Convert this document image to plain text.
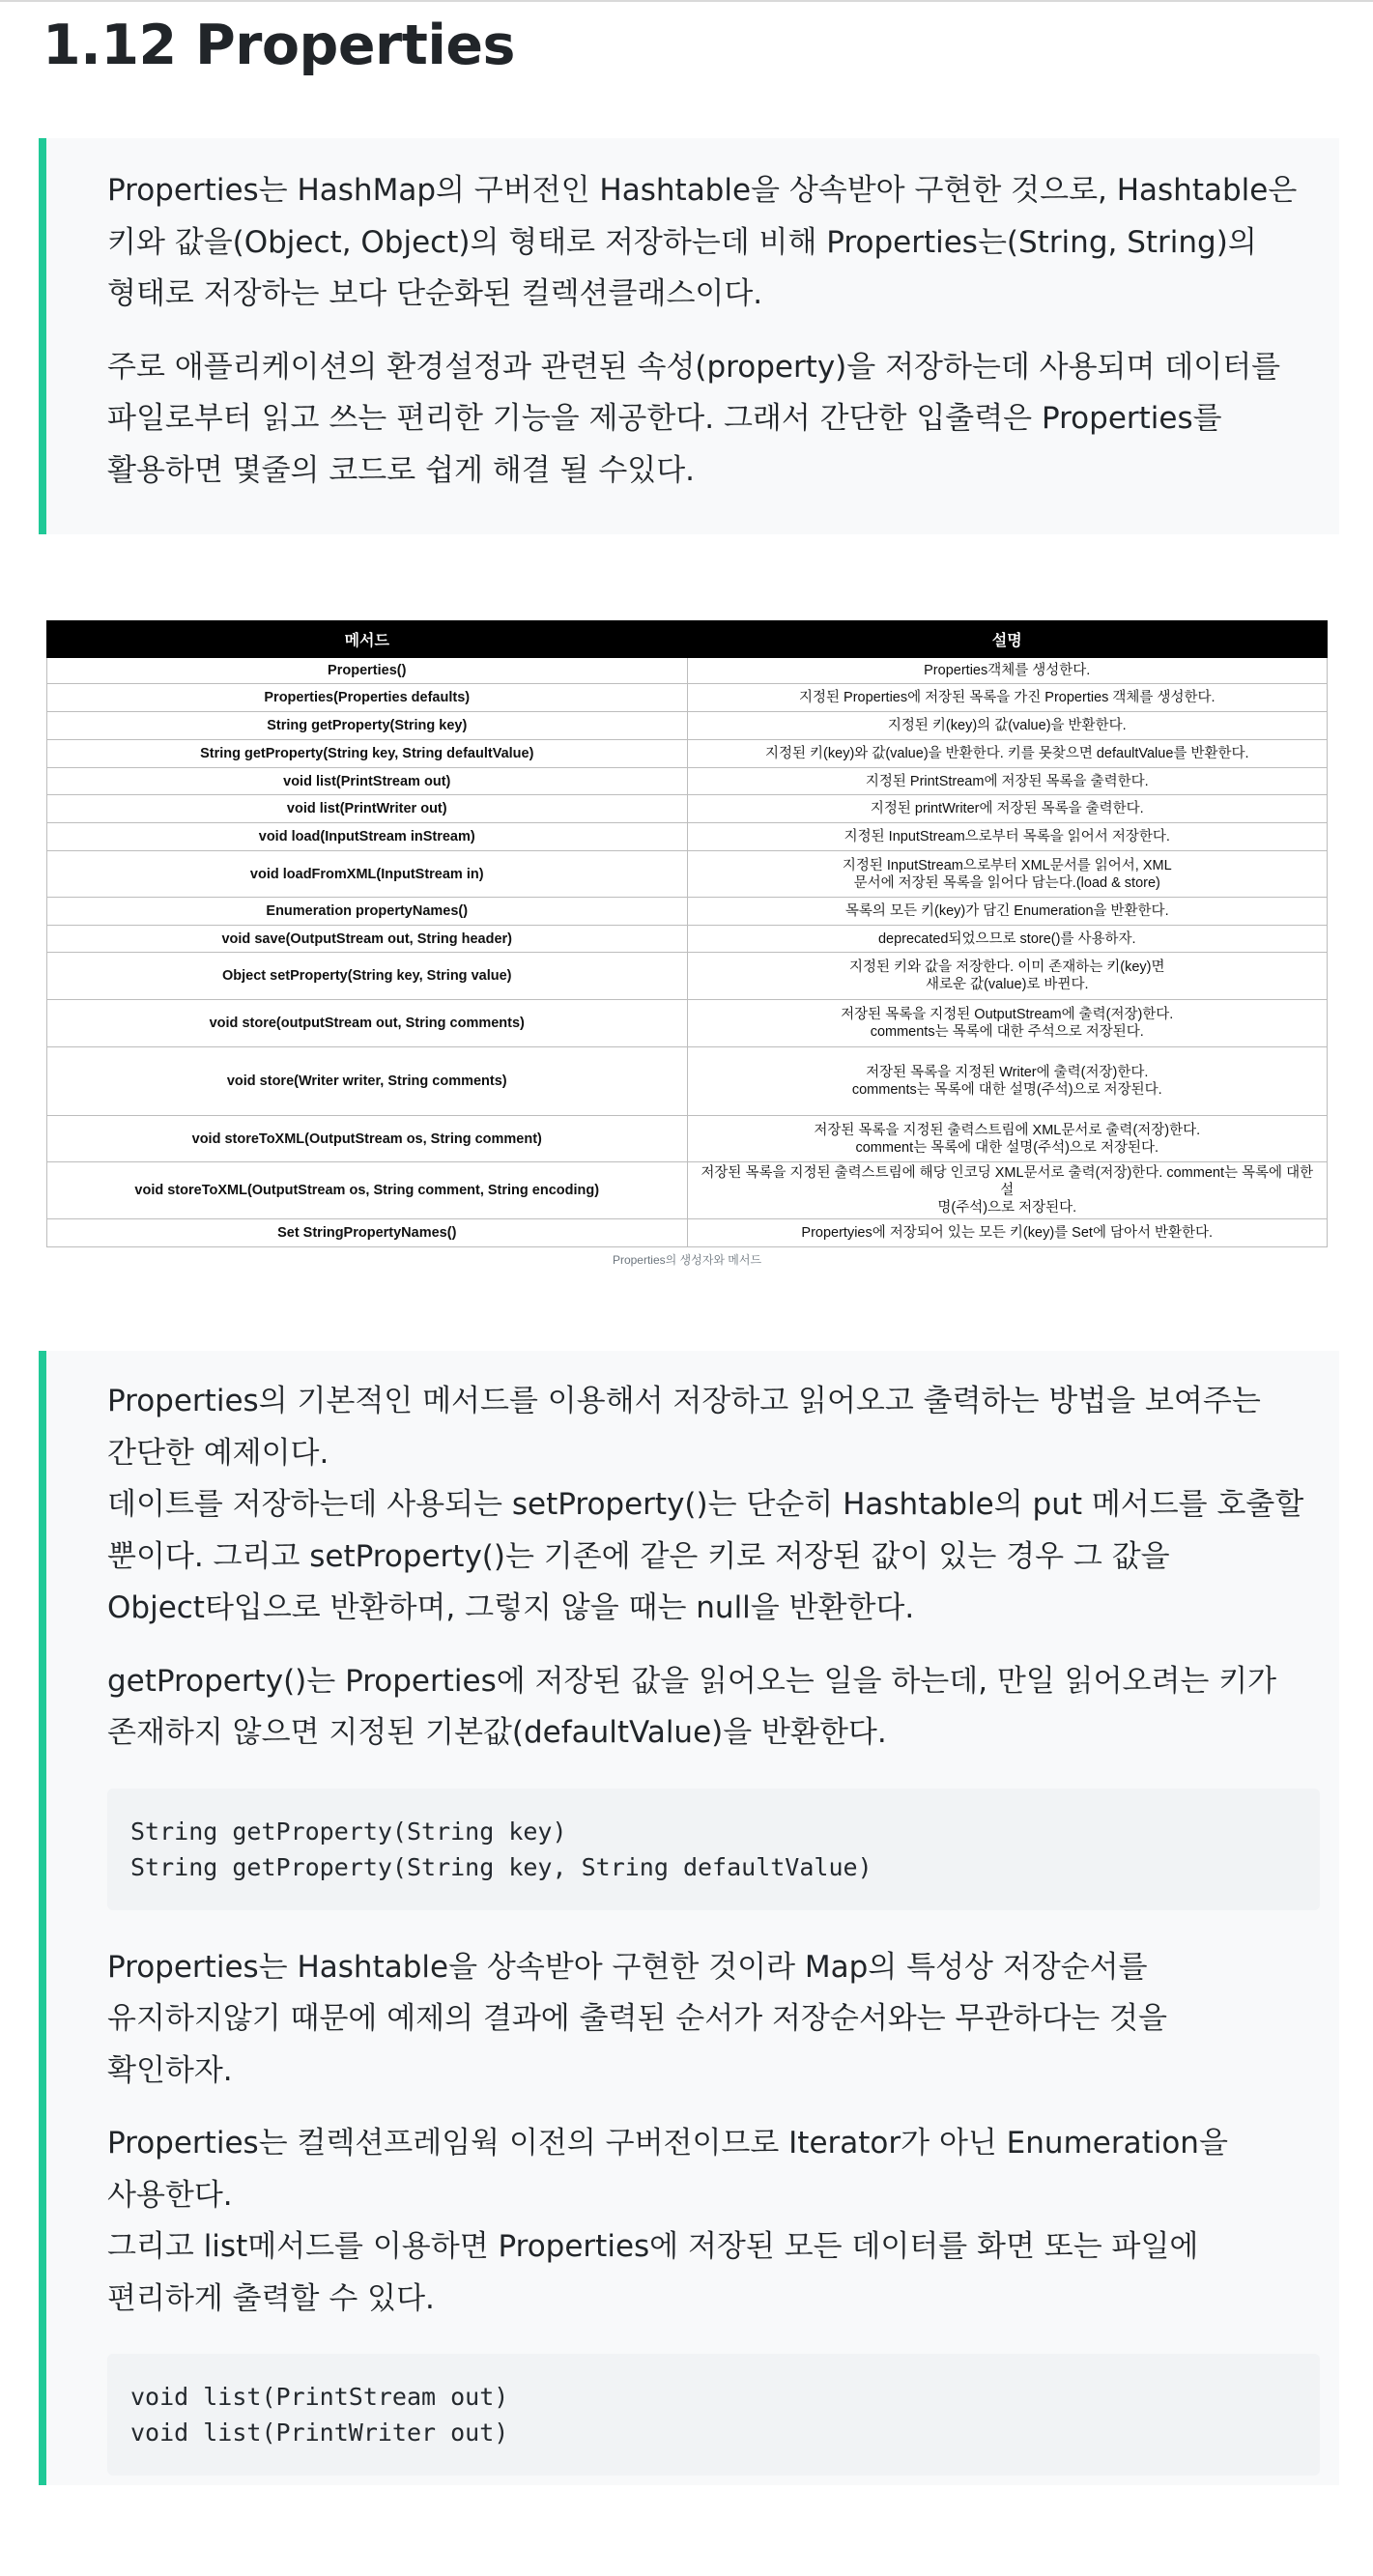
1.12 Properties

Properties는 HashMap의 구버전인 Hashtable을 상속받아 구현한 것으로, Hashtable은

키와 값을(Object, Object)의 형태로 저장하는데 비해 Properties는(String, String)의

형태로 저장하는 보다 단순화된 컬렉션클래스이다.

주로 애플리케이션의 환경설정과 관련된 속성(property)을 저장하는데 사용되며 데이터를

파일로부터 읽고 쓰는 편리한 기능을 제공한다. 그래서 간단한 입출력은 Properties를

활용하면 몇줄의 코드로 쉽게 해결 될 수있다.

메서드	설명
Properties()	Properties객체를 생성한다.

Properties(Properties defaults)	지정된 Properties에 저장된 목록을 가진 Properties 객체를 생성한다.

String getProperty(String key)	지정된 키(key)의 값(value)을 반환한다.

String getProperty(String key, String defaultValue)	지정된 키(key)와 값(value)을 반환한다. 키를 못찾으면 defaultValue를 반환한다.

void list(PrintStream out)	지정된 PrintStream에 저장된 목록을 출력한다.

void list(PrintWriter out)	지정된 printWriter에 저장된 목록을 출력한다.

void load(InputStream inStream)	지정된 InputStream으로부터 목록을 읽어서 저장한다.

void loadFromXML(InputStream in)	지정된 InputStream으로부터 XML문서를 읽어서, XML
문서에 저장된 목록을 읽어다 담는다.(load & store)

Enumeration propertyNames()	목록의 모든 키(key)가 담긴 Enumeration을 반환한다.

void save(OutputStream out, String header)	deprecated되었으므로 store()를 사용하자.

Object setProperty(String key, String value)	지정된 키와 값을 저장한다. 이미 존재하는 키(key)면
새로운 값(value)로 바뀐다.

void store(outputStream out, String comments)	저장된 목록을 지정된 OutputStream에 출력(저장)한다.
comments는 목록에 대한 주석으로 저장된다.

void store(Writer writer, String comments)	저장된 목록을 지정된 Writer에 출력(저장)한다.
comments는 목록에 대한 설명(주석)으로 저장된다.

void storeToXML(OutputStream os, String comment)	저장된 목록을 지정된 출력스트림에 XML문서로 출력(저장)한다.
comment는 목록에 대한 설명(주석)으로 저장된다.

void storeToXML(OutputStream os, String comment, String encoding)	저장된 목록을 지정된 출력스트림에 해당 인코딩 XML문서로 출력(저장)한다. comment는 목록에 대한 설
명(주석)으로 저장된다.

Set StringPropertyNames()	Propertyies에 저장되어 있는 모든 키(key)를 Set에 담아서 반환한다.
Properties의 생성자와 메서드

Properties의 기본적인 메서드를 이용해서 저장하고 읽어오고 출력하는 방법을 보여주는

간단한 예제이다.

데이트를 저장하는데 사용되는 setProperty()는 단순히 Hashtable의 put 메서드를 호출할

뿐이다. 그리고 setProperty()는 기존에 같은 키로 저장된 값이 있는 경우 그 값을

Object타입으로 반환하며, 그렇지 않을 때는 null을 반환한다.

getProperty()는 Properties에 저장된 값을 읽어오는 일을 하는데, 만일 읽어오려는 키가

존재하지 않으면 지정된 기본값(defaultValue)을 반환한다.

String getProperty(String key)
String getProperty(String key, String defaultValue)

Properties는 Hashtable을 상속받아 구현한 것이라 Map의 특성상 저장순서를

유지하지않기 때문에 예제의 결과에 출력된 순서가 저장순서와는 무관하다는 것을

확인하자.

Properties는 컬렉션프레임웍 이전의 구버전이므로 Iterator가 아닌 Enumeration을

사용한다.

그리고 list메서드를 이용하면 Properties에 저장된 모든 데이터를 화면 또는 파일에

편리하게 출력할 수 있다.

void list(PrintStream out)
void list(PrintWriter out)
